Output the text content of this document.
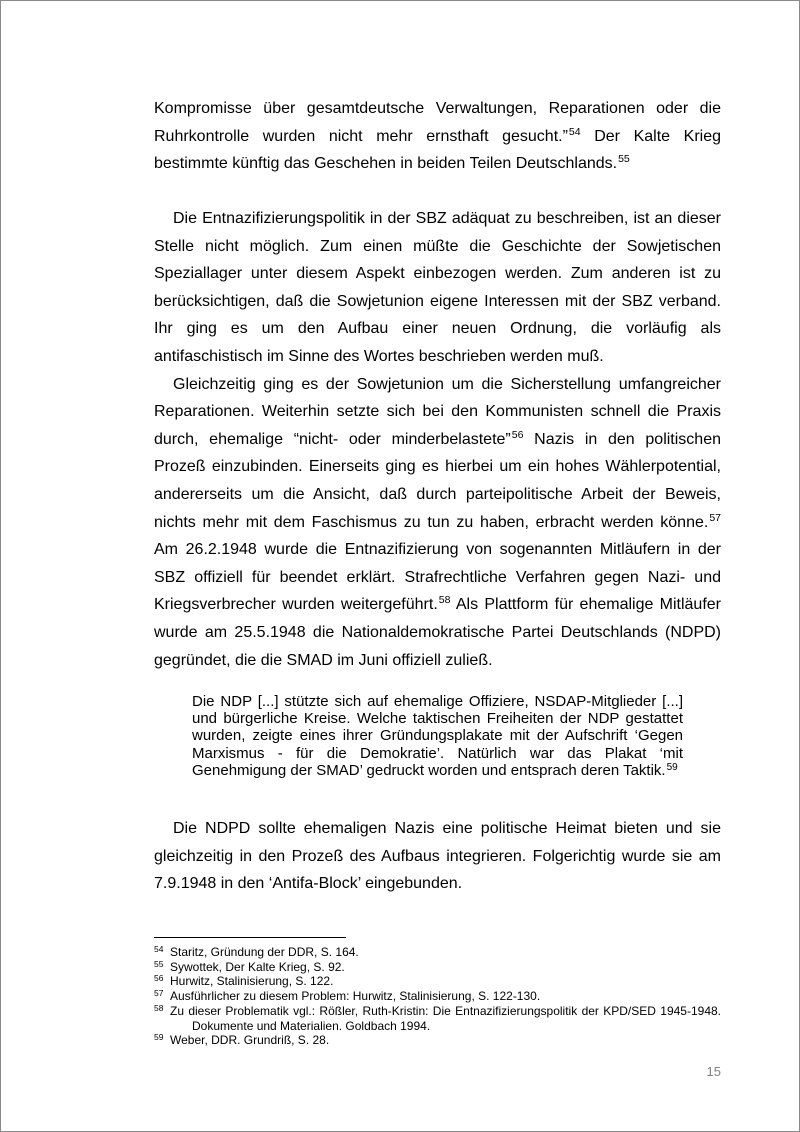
Kompromisse über gesamtdeutsche Verwaltungen, Reparationen oder die Ruhrkontrolle wurden nicht mehr ernsthaft gesucht.”$^{54}$ Der Kalte Krieg bestimmte künftig das Geschehen in beiden Teilen Deutschlands.$^{55}$

Die Entnazifizierungspolitik in der SBZ adäquat zu beschreiben, ist an dieser Stelle nicht möglich. Zum einen müßte die Geschichte der Sowjetischen Speziallager unter diesem Aspekt einbezogen werden. Zum anderen ist zu berücksichtigen, daß die Sowjetunion eigene Interessen mit der SBZ verband. Ihr ging es um den Aufbau einer neuen Ordnung, die vorläufig als antifaschistisch im Sinne des Wortes beschrieben werden muß.

Gleichzeitig ging es der Sowjetunion um die Sicherstellung umfangreicher Reparationen. Weiterhin setzte sich bei den Kommunisten schnell die Praxis durch, ehemalige “nicht- oder minderbelastete”$^{56}$ Nazis in den politischen Prozeß einzubinden. Einerseits ging es hierbei um ein hohes Wählerpotential, andererseits um die Ansicht, daß durch parteipolitische Arbeit der Beweis, nichts mehr mit dem Faschismus zu tun zu haben, erbracht werden könne.$^{57}$ Am 26.2.1948 wurde die Entnazifizierung von sogenannten Mitläufern in der SBZ offiziell für beendet erklärt. Strafrechtliche Verfahren gegen Nazi- und Kriegsverbrecher wurden weitergeführt.$^{58}$ Als Plattform für ehemalige Mitläufer wurde am 25.5.1948 die Nationaldemokratische Partei Deutschlands (NDPD) gegründet, die die SMAD im Juni offiziell zuließ.

Die NDP [...] stützte sich auf ehemalige Offiziere, NSDAP-Mitglieder [...] und bürgerliche Kreise. Welche taktischen Freiheiten der NDP gestattet wurden, zeigte eines ihrer Gründungsplakate mit der Aufschrift ‘Gegen Marxismus - für die Demokratie’. Natürlich war das Plakat ‘mit Genehmigung der SMAD’ gedruckt worden und entsprach deren Taktik.$^{59}$

Die NDPD sollte ehemaligen Nazis eine politische Heimat bieten und sie gleichzeitig in den Prozeß des Aufbaus integrieren. Folgerichtig wurde sie am 7.9.1948 in den ‘Antifa-Block’ eingebunden.

54 Staritz, Gründung der DDR, S. 164.
55 Sywottek, Der Kalte Krieg, S. 92.
56 Hurwitz, Stalinisierung, S. 122.
57 Ausführlicher zu diesem Problem: Hurwitz, Stalinisierung, S. 122-130.
58 Zu dieser Problematik vgl.: Rößler, Ruth-Kristin: Die Entnazifizierungspolitik der KPD/SED 1945-1948. Dokumente und Materialien. Goldbach 1994.
59 Weber, DDR. Grundriß, S. 28.
15
